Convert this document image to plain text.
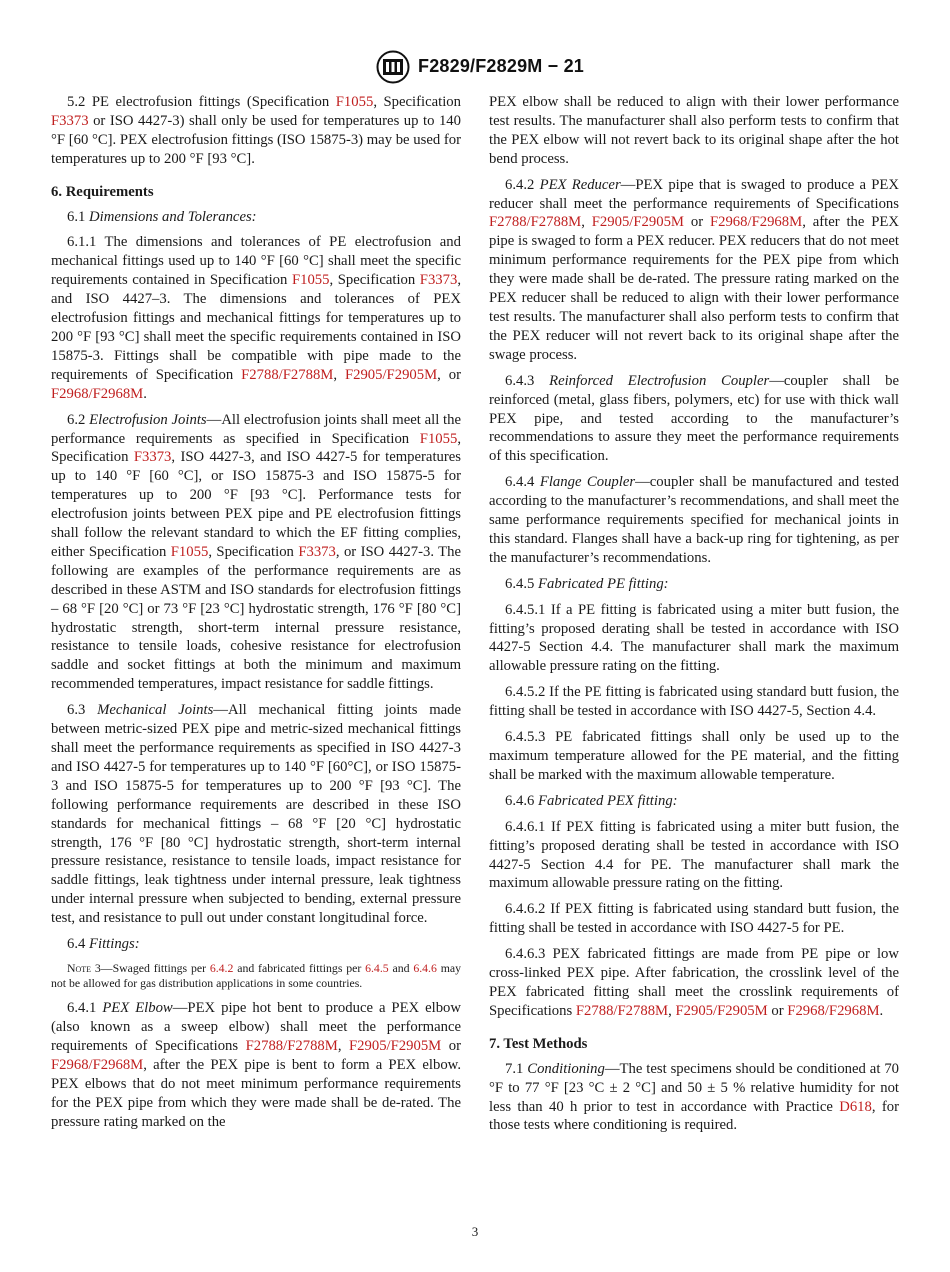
F2829/F2829M − 21

5.2 PE electrofusion fittings (Specification F1055, Specification F3373 or ISO 4427-3) shall only be used for temperatures up to 140 °F [60 °C]. PEX electrofusion fittings (ISO 15875-3) may be used for temperatures up to 200 °F [93 °C].

6. Requirements

6.1 Dimensions and Tolerances:

6.1.1 The dimensions and tolerances of PE electrofusion and mechanical fittings used up to 140 °F [60 °C] shall meet the specific requirements contained in Specification F1055, Specification F3373, and ISO 4427–3. The dimensions and tolerances of PEX electrofusion fittings and mechanical fittings for temperatures up to 200 °F [93 °C] shall meet the specific requirements contained in ISO 15875-3. Fittings shall be compatible with pipe made to the requirements of Specification F2788/F2788M, F2905/F2905M, or F2968/F2968M.

6.2 Electrofusion Joints—All electrofusion joints shall meet all the performance requirements as specified in Specification F1055, Specification F3373, ISO 4427-3, and ISO 4427-5 for temperatures up to 140 °F [60 °C], or ISO 15875-3 and ISO 15875-5 for temperatures up to 200 °F [93 °C]. Performance tests for electrofusion joints between PEX pipe and PE electrofusion fittings shall follow the relevant standard to which the EF fitting complies, either Specification F1055, Specification F3373, or ISO 4427-3. The following are examples of the performance requirements are as described in these ASTM and ISO standards for electrofusion fittings – 68 °F [20 °C] or 73 °F [23 °C] hydrostatic strength, 176 °F [80 °C] hydrostatic strength, short-term internal pressure resistance, resistance to tensile loads, cohesive resistance for electrofusion saddle and socket fittings at both the minimum and maximum recommended temperatures, impact resistance for saddle fittings.

6.3 Mechanical Joints—All mechanical fitting joints made between metric-sized PEX pipe and metric-sized mechanical fittings shall meet the performance requirements as specified in ISO 4427-3 and ISO 4427-5 for temperatures up to 140 °F [60°C], or ISO 15875-3 and ISO 15875-5 for temperatures up to 200 °F [93 °C]. The following performance requirements are described in these ISO standards for mechanical fittings – 68 °F [20 °C] hydrostatic strength, 176 °F [80 °C] hydrostatic strength, short-term internal pressure resistance, resistance to tensile loads, impact resistance for saddle fittings, leak tightness under internal pressure, leak tightness under internal pressure when subjected to bending, external pressure test, and resistance to pull out under constant longitudinal force.

6.4 Fittings:

Note 3—Swaged fittings per 6.4.2 and fabricated fittings per 6.4.5 and 6.4.6 may not be allowed for gas distribution applications in some countries.

6.4.1 PEX Elbow—PEX pipe hot bent to produce a PEX elbow (also known as a sweep elbow) shall meet the performance requirements of Specifications F2788/F2788M, F2905/F2905M or F2968/F2968M, after the PEX pipe is bent to form a PEX elbow. PEX elbows that do not meet minimum performance requirements for the PEX pipe from which they were made shall be de-rated. The pressure rating marked on the

PEX elbow shall be reduced to align with their lower performance test results. The manufacturer shall also perform tests to confirm that the PEX elbow will not revert back to its original shape after the hot bend process.

6.4.2 PEX Reducer—PEX pipe that is swaged to produce a PEX reducer shall meet the performance requirements of Specifications F2788/F2788M, F2905/F2905M or F2968/F2968M, after the PEX pipe is swaged to form a PEX reducer. PEX reducers that do not meet minimum performance requirements for the PEX pipe from which they were made shall be de-rated. The pressure rating marked on the PEX reducer shall be reduced to align with their lower performance test results. The manufacturer shall also perform tests to confirm that the PEX reducer will not revert back to its original shape after the swage process.

6.4.3 Reinforced Electrofusion Coupler—coupler shall be reinforced (metal, glass fibers, polymers, etc) for use with thick wall PEX pipe, and tested according to the manufacturer’s recommendations to assure they meet the performance requirements of this specification.

6.4.4 Flange Coupler—coupler shall be manufactured and tested according to the manufacturer’s recommendations, and shall meet the same performance requirements specified for mechanical joints in this standard. Flanges shall have a back-up ring for tightening, as per the manufacturer’s recommendations.

6.4.5 Fabricated PE fitting:

6.4.5.1 If a PE fitting is fabricated using a miter butt fusion, the fitting’s proposed derating shall be tested in accordance with ISO 4427-5 Section 4.4. The manufacturer shall mark the maximum allowable pressure rating on the fitting.

6.4.5.2 If the PE fitting is fabricated using standard butt fusion, the fitting shall be tested in accordance with ISO 4427-5, Section 4.4.

6.4.5.3 PE fabricated fittings shall only be used up to the maximum temperature allowed for the PE material, and the fitting shall be marked with the maximum allowable temperature.

6.4.6 Fabricated PEX fitting:

6.4.6.1 If PEX fitting is fabricated using a miter butt fusion, the fitting’s proposed derating shall be tested in accordance with ISO 4427-5 Section 4.4 for PE. The manufacturer shall mark the maximum allowable pressure rating on the fitting.

6.4.6.2 If PEX fitting is fabricated using standard butt fusion, the fitting shall be tested in accordance with ISO 4427-5 for PE.

6.4.6.3 PEX fabricated fittings are made from PE pipe or low cross-linked PEX pipe. After fabrication, the crosslink level of the PEX fabricated fitting shall meet the crosslink requirements of Specifications F2788/F2788M, F2905/F2905M or F2968/F2968M.

7. Test Methods

7.1 Conditioning—The test specimens should be conditioned at 70 °F to 77 °F [23 °C ± 2 °C] and 50 ± 5 % relative humidity for not less than 40 h prior to test in accordance with Practice D618, for those tests where conditioning is required.

3
